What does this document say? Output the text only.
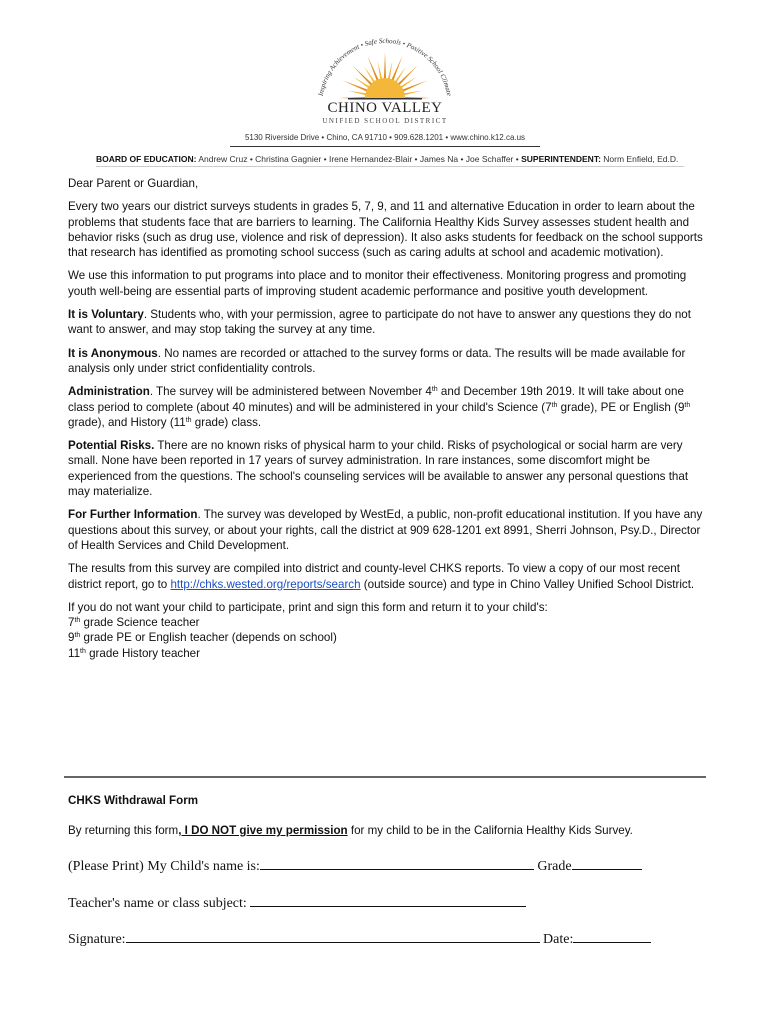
Inspiring Achievement • Safe Schools • Positive School Climate
CHINO VALLEY
UNIFIED SCHOOL DISTRICT
5130 Riverside Drive • Chino, CA 91710 • 909.628.1201 • www.chino.k12.ca.us
BOARD OF EDUCATION: Andrew Cruz • Christina Gagnier • Irene Hernandez-Blair • James Na • Joe Schaffer • SUPERINTENDENT: Norm Enfield, Ed.D.

Dear Parent or Guardian,

Every two years our district surveys students in grades 5, 7, 9, and 11 and alternative Education in order to learn about the problems that students face that are barriers to learning. The California Healthy Kids Survey assesses student health and behavior risks (such as drug use, violence and risk of depression). It also asks students for feedback on the school supports that research has identified as promoting school success (such as caring adults at school and academic motivation).

We use this information to put programs into place and to monitor their effectiveness. Monitoring progress and promoting youth well-being are essential parts of improving student academic performance and positive youth development.

It is Voluntary. Students who, with your permission, agree to participate do not have to answer any questions they do not want to answer, and may stop taking the survey at any time.

It is Anonymous. No names are recorded or attached to the survey forms or data. The results will be made available for analysis only under strict confidentiality controls.

Administration. The survey will be administered between November 4th and December 19th 2019. It will take about one class period to complete (about 40 minutes) and will be administered in your child's Science (7th grade), PE or English (9th grade), and History (11th grade) class.

Potential Risks. There are no known risks of physical harm to your child. Risks of psychological or social harm are very small. None have been reported in 17 years of survey administration. In rare instances, some discomfort might be experienced from the questions. The school's counseling services will be available to answer any personal questions that may materialize.

For Further Information. The survey was developed by WestEd, a public, non-profit educational institution. If you have any questions about this survey, or about your rights, call the district at 909 628-1201 ext 8991, Sherri Johnson, Psy.D., Director of Health Services and Child Development.

The results from this survey are compiled into district and county-level CHKS reports. To view a copy of our most recent district report, go to http://chks.wested.org/reports/search (outside source) and type in Chino Valley Unified School District.

If you do not want your child to participate, print and sign this form and return it to your child's:

7th grade Science teacher

9th grade PE or English teacher (depends on school)

11th grade History teacher

CHKS Withdrawal Form
By returning this form, I DO NOT give my permission for my child to be in the California Healthy Kids Survey.
(Please Print) My Child's name is:	Grade
Teacher's name or class subject:
Signature:	Date:
